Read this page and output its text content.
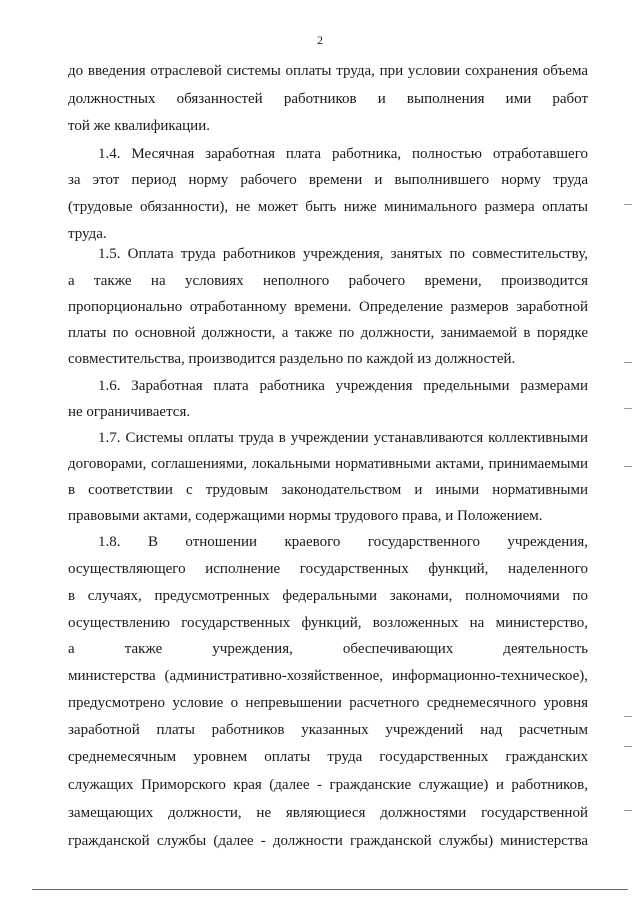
2
до введения отраслевой системы оплаты труда, при условии сохранения объема
должностных обязанностей работников и выполнения ими работ
той же квалификации.
1.4. Месячная заработная плата работника, полностью отработавшего
за этот период норму рабочего времени и выполнившего норму труда
(трудовые обязанности), не может быть ниже минимального размера оплаты
труда.
1.5. Оплата труда работников учреждения, занятых по совместительству,
а также на условиях неполного рабочего времени, производится
пропорционально отработанному времени. Определение размеров заработной
платы по основной должности, а также по должности, занимаемой в порядке
совместительства, производится раздельно по каждой из должностей.
1.6. Заработная плата работника учреждения предельными размерами
не ограничивается.
1.7. Системы оплаты труда в учреждении устанавливаются коллективными
договорами, соглашениями, локальными нормативными актами, принимаемыми
в соответствии с трудовым законодательством и иными нормативными
правовыми актами, содержащими нормы трудового права, и Положением.
1.8. В отношении краевого государственного учреждения,
осуществляющего исполнение государственных функций, наделенного
в случаях, предусмотренных федеральными законами, полномочиями по
осуществлению государственных функций, возложенных на министерство,
а также учреждения, обеспечивающих деятельность
министерства (административно-хозяйственное, информационно-техническое),
предусмотрено условие о непревышении расчетного среднемесячного уровня
заработной платы работников указанных учреждений над расчетным
среднемесячным уровнем оплаты труда государственных гражданских
служащих Приморского края (далее - гражданские служащие) и работников,
замещающих должности, не являющиеся должностями государственной
гражданской службы (далее - должности гражданской службы) министерства
